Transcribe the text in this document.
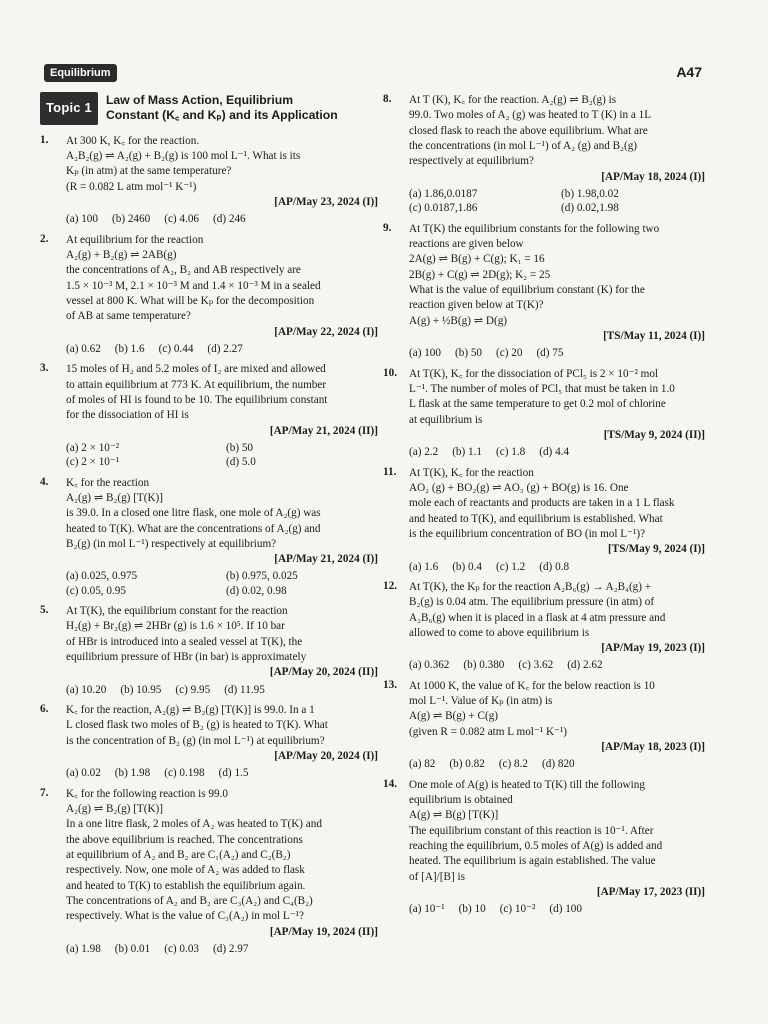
Equilibrium	A47
Topic 1	Law of Mass Action, Equilibrium
Constant (K꜀ and Kₚ) and its Application
1.	At 300 K, K꜀ for the reaction.
A₂B₂(g) ⇌ A₂(g) + B₂(g) is 100 mol L⁻¹. What is its
Kₚ (in atm) at the same temperature?
(R = 0.082 L atm mol⁻¹ K⁻¹)
[AP/May 23, 2024 (I)]
(a) 100 (b) 2460 (c) 4.06 (d) 246
2.	At equilibrium for the reaction
A₂(g) + B₂(g) ⇌ 2AB(g)
the concentrations of A₂, B₂ and AB respectively are
1.5 × 10⁻³ M, 2.1 × 10⁻³ M and 1.4 × 10⁻³ M in a sealed
vessel at 800 K. What will be Kₚ for the decomposition
of AB at same temperature?
[AP/May 22, 2024 (I)]
(a) 0.62 (b) 1.6 (c) 0.44 (d) 2.27
3.	15 moles of H₂ and 5.2 moles of I₂ are mixed and allowed
to attain equilibrium at 773 K. At equilibrium, the number
of moles of HI is found to be 10. The equilibrium constant
for the dissociation of HI is
[AP/May 21, 2024 (II)]
(a) 2 × 10⁻²	(b) 50
(c) 2 × 10⁻¹	(d) 5.0
4.	K꜀ for the reaction
A₂(g) ⇌ B₂(g) [T(K)]
is 39.0. In a closed one litre flask, one mole of A₂(g) was
heated to T(K). What are the concentrations of A₂(g) and
B₂(g) (in mol L⁻¹) respectively at equilibrium?
[AP/May 21, 2024 (I)]
(a) 0.025, 0.975	(b) 0.975, 0.025
(c) 0.05, 0.95	(d) 0.02, 0.98
5.	At T(K), the equilibrium constant for the reaction
H₂(g) + Br₂(g) ⇌ 2HBr (g) is 1.6 × 10⁵. If 10 bar
of HBr is introduced into a sealed vessel at T(K), the
equilibrium pressure of HBr (in bar) is approximately
[AP/May 20, 2024 (II)]
(a) 10.20 (b) 10.95 (c) 9.95 (d) 11.95
6.	K꜀ for the reaction, A₂(g) ⇌ B₂(g) [T(K)] is 99.0. In a 1
L closed flask two moles of B₂ (g) is heated to T(K). What
is the concentration of B₂ (g) (in mol L⁻¹) at equilibrium?
[AP/May 20, 2024 (I)]
(a) 0.02 (b) 1.98 (c) 0.198 (d) 1.5
7.	K꜀ for the following reaction is 99.0
A₂(g) ⇌ B₂(g) [T(K)]
In a one litre flask, 2 moles of A₂ was heated to T(K) and
the above equilibrium is reached. The concentrations
at equilibrium of A₂ and B₂ are C₁(A₂) and C₂(B₂)
respectively. Now, one mole of A₂ was added to flask
and heated to T(K) to establish the equilibrium again.
The concentrations of A₂ and B₂ are C₃(A₂) and C₄(B₂)
respectively. What is the value of C₃(A₂) in mol L⁻¹?
[AP/May 19, 2024 (II)]
(a) 1.98 (b) 0.01 (c) 0.03 (d) 2.97
8.	At T (K), K꜀ for the reaction. A₂(g) ⇌ B₂(g) is
99.0. Two moles of A₂ (g) was heated to T (K) in a 1L
closed flask to reach the above equilibrium. What are
the concentrations (in mol L⁻¹) of A₂ (g) and B₂(g)
respectively at equilibrium?
[AP/May 18, 2024 (I)]
(a) 1.86,0.0187	(b) 1.98,0.02
(c) 0.0187,1.86	(d) 0.02,1.98
9.	At T(K) the equilibrium constants for the following two
reactions are given below
2A(g) ⇌ B(g) + C(g); K₁ = 16
2B(g) + C(g) ⇌ 2D(g); K₂ = 25
What is the value of equilibrium constant (K) for the
reaction given below at T(K)?
A(g) + ½B(g) ⇌ D(g)
[TS/May 11, 2024 (I)]
(a) 100 (b) 50 (c) 20 (d) 75
10.	At T(K), K꜀ for the dissociation of PCl₅ is 2 × 10⁻² mol
L⁻¹. The number of moles of PCl₅ that must be taken in 1.0
L flask at the same temperature to get 0.2 mol of chlorine
at equilibrium is
[TS/May 9, 2024 (II)]
(a) 2.2 (b) 1.1 (c) 1.8 (d) 4.4
11.	At T(K), K꜀ for the reaction
AO₂ (g) + BO₂(g) ⇌ AO₃ (g) + BO(g) is 16. One
mole each of reactants and products are taken in a 1 L flask
and heated to T(K), and equilibrium is established. What
is the equilibrium concentration of BO (in mol L⁻¹)?
[TS/May 9, 2024 (I)]
(a) 1.6 (b) 0.4 (c) 1.2 (d) 0.8
12.	At T(K), the Kₚ for the reaction A₂B₆(g) → A₂B₄(g) +
B₂(g) is 0.04 atm. The equilibrium pressure (in atm) of
A₂B₆(g) when it is placed in a flask at 4 atm pressure and
allowed to come to above equilibrium is
[AP/May 19, 2023 (I)]
(a) 0.362 (b) 0.380 (c) 3.62 (d) 2.62
13.	At 1000 K, the value of K꜀ for the below reaction is 10
mol L⁻¹. Value of Kₚ (in atm) is
A(g) ⇌ B(g) + C(g)
(given R = 0.082 atm L mol⁻¹ K⁻¹)
[AP/May 18, 2023 (I)]
(a) 82 (b) 0.82 (c) 8.2 (d) 820
14.	One mole of A(g) is heated to T(K) till the following
equilibrium is obtained
A(g) ⇌ B(g) [T(K)]
The equilibrium constant of this reaction is 10⁻¹. After
reaching the equilibrium, 0.5 moles of A(g) is added and
heated. The equilibrium is again established. The value
of [A]/[B] is
[AP/May 17, 2023 (II)]
(a) 10⁻¹ (b) 10 (c) 10⁻² (d) 100
